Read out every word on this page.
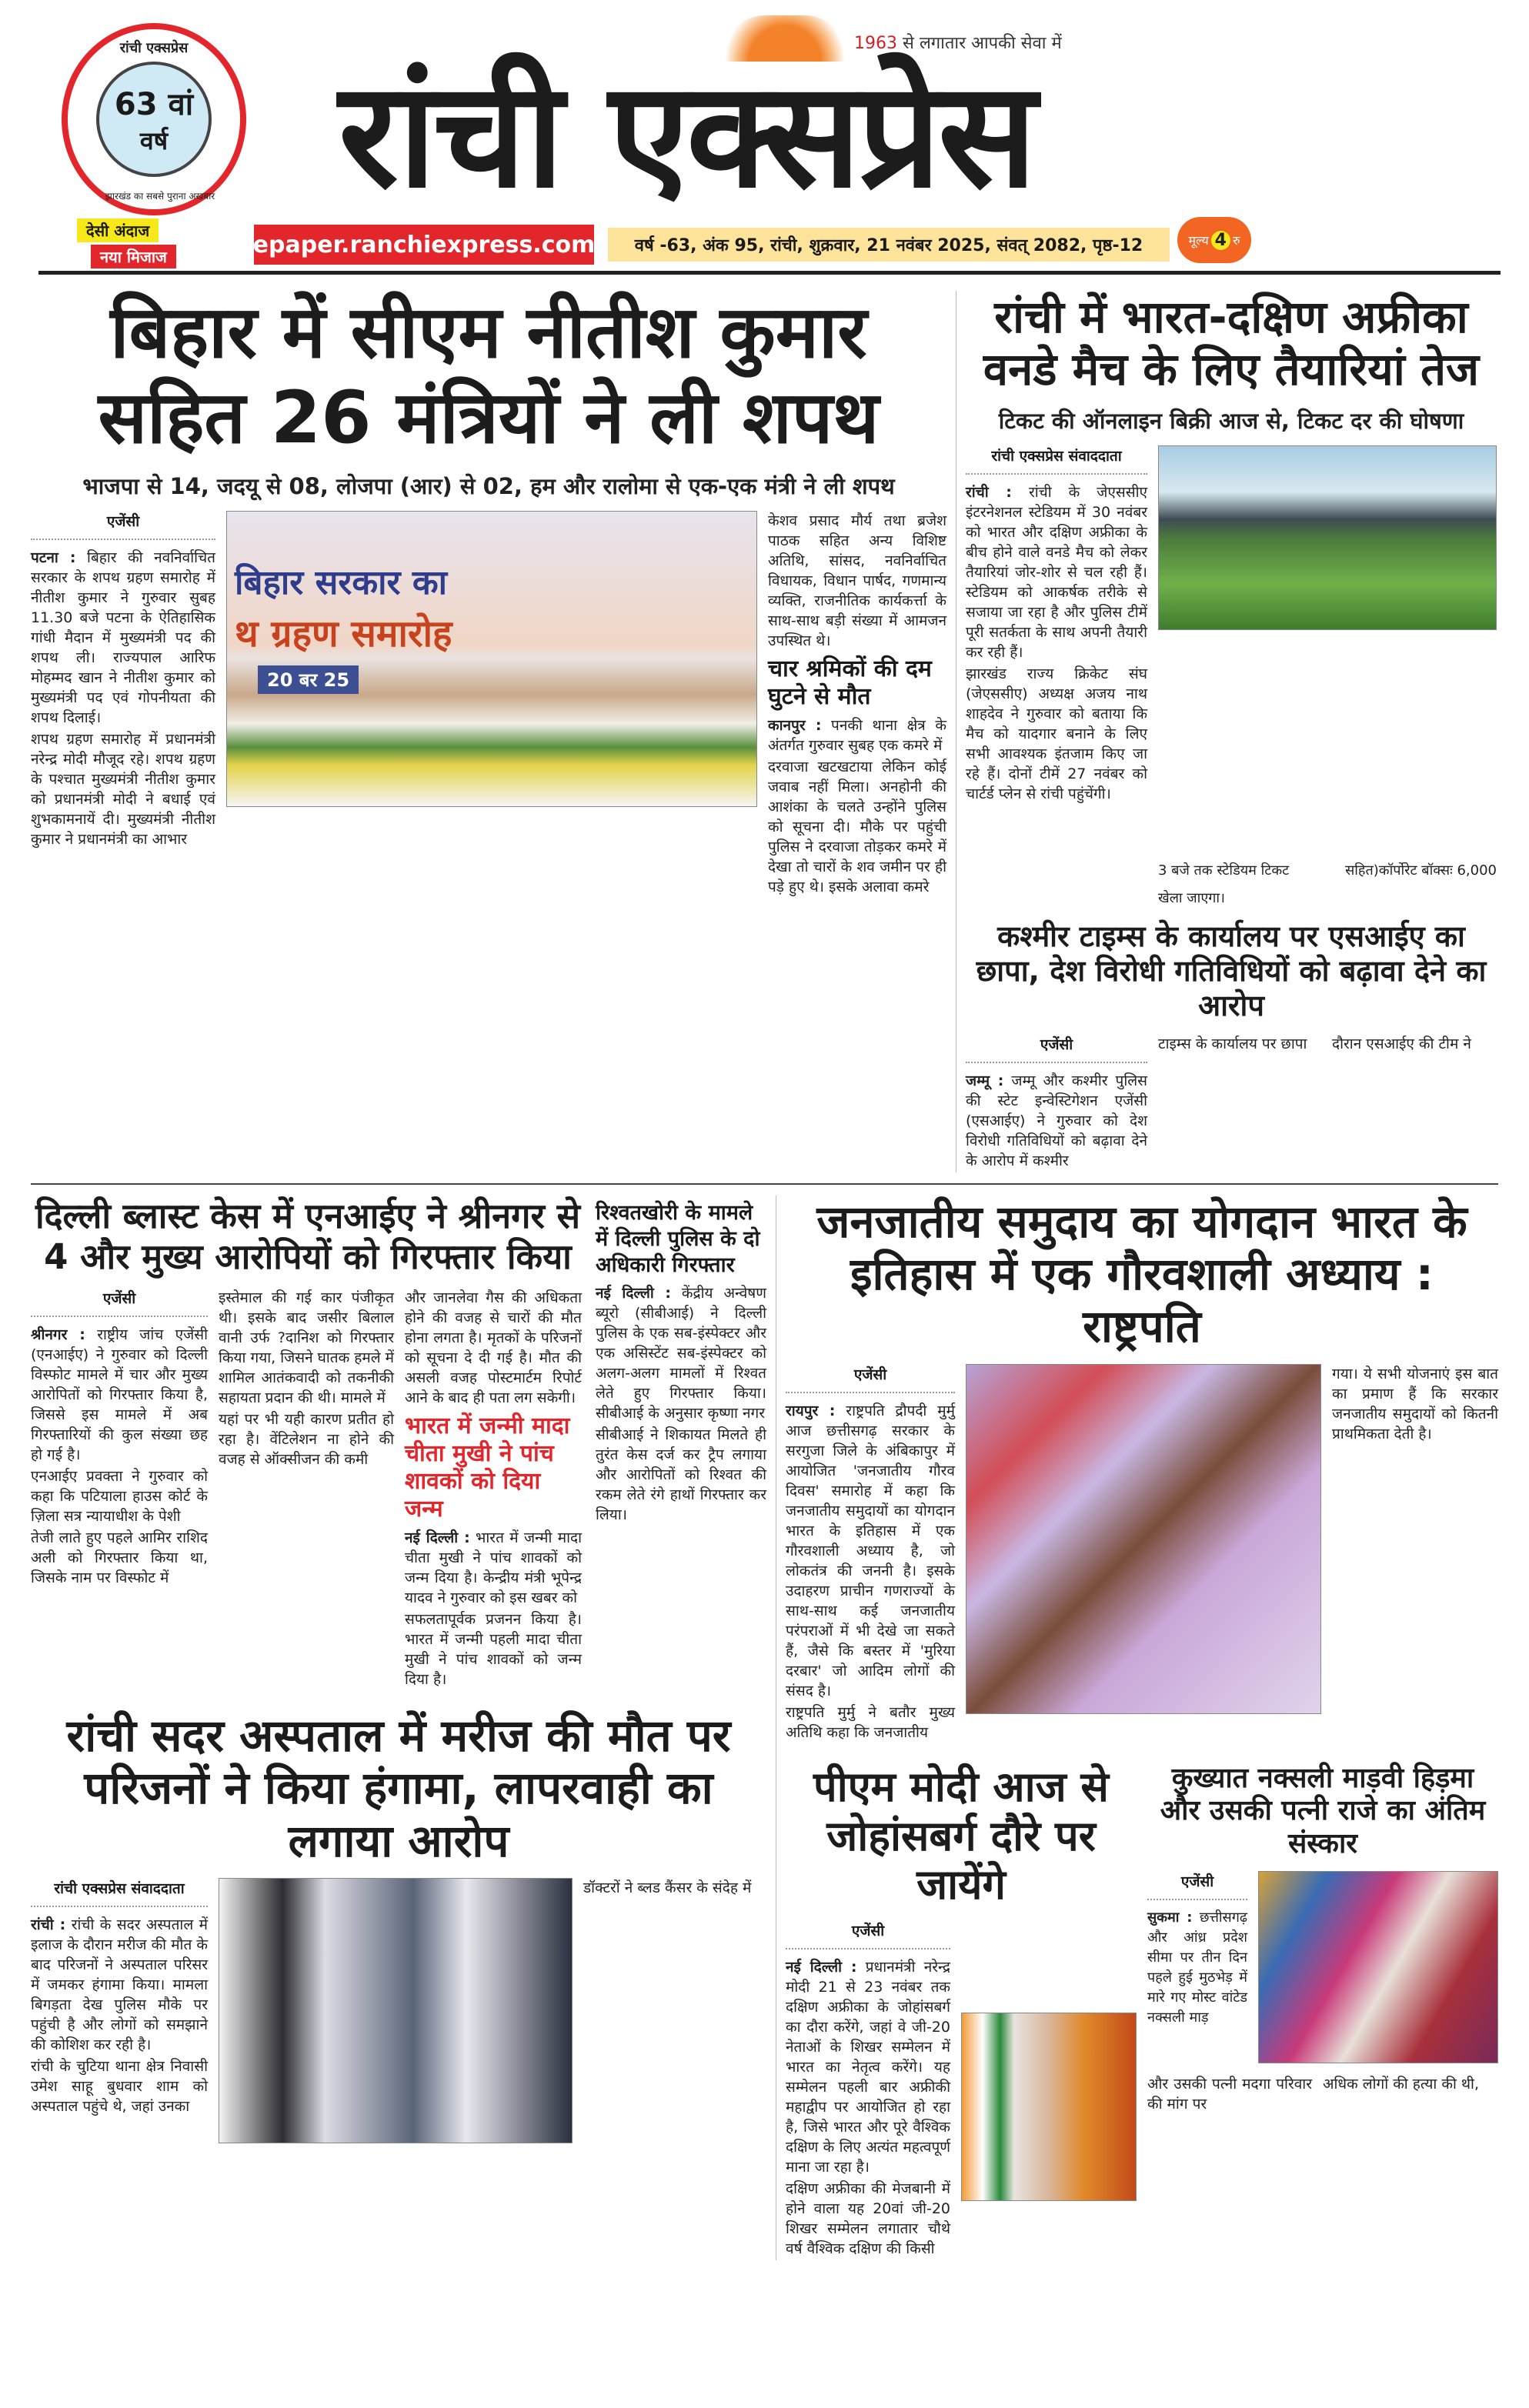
रांची एक्सप्रेस
63 वां
वर्ष
झारखंड का सबसे पुराना अखबार
1963 से लगातार आपकी सेवा में
रांची एक्सप्रेस
देसी अंदाज
नया मिजाज	epaper.ranchiexpress.com	वर्ष -63, अंक 95, रांची, शुक्रवार, 21 नवंबर 2025, संवत् 2082, पृष्ठ-12	मूल्य 4 रु
बिहार में सीएम नीतीश कुमार सहित 26 मंत्रियों ने ली शपथ
भाजपा से 14, जदयू से 08, लोजपा (आर) से 02, हम और रालोमा से एक-एक मंत्री ने ली शपथ
एजेंसी

पटना : बिहार की नवनिर्वाचित सरकार के शपथ ग्रहण समारोह में नीतीश कुमार ने गुरुवार सुबह 11.30 बजे पटना के ऐतिहासिक गांधी मैदान में मुख्यमंत्री पद की शपथ ली। राज्यपाल आरिफ मोहम्मद खान ने नीतीश कुमार को मुख्यमंत्री पद एवं गोपनीयता की शपथ दिलाई।

शपथ ग्रहण समारोह में प्रधानमंत्री नरेन्द्र मोदी मौजूद रहे। शपथ ग्रहण के पश्चात मुख्यमंत्री नीतीश कुमार को प्रधानमंत्री मोदी ने बधाई एवं शुभकामनायें दी। मुख्यमंत्री नीतीश कुमार ने प्रधानमंत्री का आभार

बिहार सरकार का
थ ग्रहण समारोह
20 बर 25

केशव प्रसाद मौर्य तथा ब्रजेश पाठक सहित अन्य विशिष्ट अतिथि, सांसद, नवनिर्वाचित विधायक, विधान पार्षद, गणमान्य व्यक्ति, राजनीतिक कार्यकर्त्ता के साथ-साथ बड़ी संख्या में आमजन उपस्थित थे।

चार श्रमिकों की दम घुटने से मौत

कानपुर : पनकी थाना क्षेत्र के अंतर्गत गुरुवार सुबह एक कमरे में

दरवाजा खटखटाया लेकिन कोई जवाब नहीं मिला। अनहोनी की आशंका के चलते उन्होंने पुलिस को सूचना दी। मौके पर पहुंची पुलिस ने दरवाजा तोड़कर कमरे में देखा तो चारों के शव जमीन पर ही पड़े हुए थे। इसके अलावा कमरे

रांची में भारत-दक्षिण अफ्रीका वनडे मैच के लिए तैयारियां तेज
टिकट की ऑनलाइन बिक्री आज से, टिकट दर की घोषणा
रांची एक्सप्रेस संवाददाता

रांची : रांची के जेएससीए इंटरनेशनल स्टेडियम में 30 नवंबर को भारत और दक्षिण अफ्रीका के बीच होने वाले वनडे मैच को लेकर तैयारियां जोर-शोर से चल रही हैं। स्टेडियम को आकर्षक तरीके से सजाया जा रहा है और पुलिस टीमें पूरी सतर्कता के साथ अपनी तैयारी कर रही हैं।

झारखंड राज्य क्रिकेट संघ (जेएससीए) अध्यक्ष अजय नाथ शाहदेव ने गुरुवार को बताया कि मैच को यादगार बनाने के लिए सभी आवश्यक इंतजाम किए जा रहे हैं। दोनों टीमें 27 नवंबर को चार्टर्ड प्लेन से रांची पहुंचेंगी।

3 बजे तक स्टेडियम टिकट	सहित)कॉर्पोरेट बॉक्सः 6,000
खेला जाएगा।
कश्मीर टाइम्स के कार्यालय पर एसआईए का छापा, देश विरोधी गतिविधियों को बढ़ावा देने का आरोप
एजेंसी

जम्मू : जम्मू और कश्मीर पुलिस की स्टेट इन्वेस्टिगेशन एजेंसी (एसआईए) ने गुरुवार को देश विरोधी गतिविधियों को बढ़ावा देने के आरोप में कश्मीर

टाइम्स के कार्यालय पर छापा	दौरान एसआईए की टीम ने
दिल्ली ब्लास्ट केस में एनआईए ने श्रीनगर से 4 और मुख्य आरोपियों को गिरफ्तार किया
एजेंसी

श्रीनगर : राष्ट्रीय जांच एजेंसी (एनआईए) ने गुरुवार को दिल्ली विस्फोट मामले में चार और मुख्य आरोपितों को गिरफ्तार किया है, जिससे इस मामले में अब गिरफ्तारियों की कुल संख्या छह हो गई है।

एनआईए प्रवक्ता ने गुरुवार को कहा कि पटियाला हाउस कोर्ट के ज़िला सत्र न्यायाधीश के पेशी

तेजी लाते हुए पहले आमिर राशिद अली को गिरफ्तार किया था, जिसके नाम पर विस्फोट में

इस्तेमाल की गई कार पंजीकृत थी। इसके बाद जसीर बिलाल वानी उर्फ ?दानिश को गिरफ्तार किया गया, जिसने घातक हमले में शामिल आतंकवादी को तकनीकी सहायता प्रदान की थी। मामले में

यहां पर भी यही कारण प्रतीत हो रहा है। वेंटिलेशन ना होने की वजह से ऑक्सीजन की कमी

और जानलेवा गैस की अधिकता होने की वजह से चारों की मौत होना लगता है। मृतकों के परिजनों को सूचना दे दी गई है। मौत की असली वजह पोस्टमार्टम रिपोर्ट आने के बाद ही पता लग सकेगी।
भारत में जन्मी मादा चीता मुखी ने पांच शावकों को दिया जन्म

नई दिल्ली : भारत में जन्मी मादा चीता मुखी ने पांच शावकों को जन्म दिया है। केन्द्रीय मंत्री भूपेन्द्र यादव ने गुरुवार को इस खबर को

सफलतापूर्वक प्रजनन किया है। भारत में जन्मी पहली मादा चीता मुखी ने पांच शावकों को जन्म दिया है।

रिश्वतखोरी के मामले में दिल्ली पुलिस के दो अधिकारी गिरफ्तार

नई दिल्ली : केंद्रीय अन्वेषण ब्यूरो (सीबीआई) ने दिल्ली पुलिस के एक सब-इंस्पेक्टर और एक असिस्टेंट सब-इंस्पेक्टर को अलग-अलग मामलों में रिश्वत लेते हुए गिरफ्तार किया। सीबीआई के अनुसार कृष्णा नगर

सीबीआई ने शिकायत मिलते ही तुरंत केस दर्ज कर ट्रैप लगाया और आरोपितों को रिश्वत की रकम लेते रंगे हाथों गिरफ्तार कर लिया।

रांची सदर अस्पताल में मरीज की मौत पर परिजनों ने किया हंगामा, लापरवाही का लगाया आरोप
रांची एक्सप्रेस संवाददाता

रांची : रांची के सदर अस्पताल में इलाज के दौरान मरीज की मौत के बाद परिजनों ने अस्पताल परिसर में जमकर हंगामा किया। मामला बिगड़ता देख पुलिस मौके पर पहुंची है और लोगों को समझाने की कोशिश कर रही है।

रांची के चुटिया थाना क्षेत्र निवासी उमेश साहू बुधवार शाम को अस्पताल पहुंचे थे, जहां उनका

डॉक्टरों ने ब्लड कैंसर के संदेह में
जनजातीय समुदाय का योगदान भारत के इतिहास में एक गौरवशाली अध्याय : राष्ट्रपति
एजेंसी

रायपुर : राष्ट्रपति द्रौपदी मुर्मु आज छत्तीसगढ़ सरकार के सरगुजा जिले के अंबिकापुर में आयोजित 'जनजातीय गौरव दिवस' समारोह में कहा कि जनजातीय समुदायों का योगदान भारत के इतिहास में एक गौरवशाली अध्याय है, जो लोकतंत्र की जननी है। इसके उदाहरण प्राचीन गणराज्यों के साथ-साथ कई जनजातीय परंपराओं में भी देखे जा सकते हैं, जैसे कि बस्तर में 'मुरिया दरबार' जो आदिम लोगों की संसद है।

राष्ट्रपति मुर्मु ने बतौर मुख्य अतिथि कहा कि जनजातीय

गया। ये सभी योजनाएं इस बात का प्रमाण हैं कि सरकार जनजातीय समुदायों को कितनी प्राथमिकता देती है।
पीएम मोदी आज से जोहांसबर्ग दौरे पर जायेंगे
एजेंसी

नई दिल्ली : प्रधानमंत्री नरेन्द्र मोदी 21 से 23 नवंबर तक दक्षिण अफ्रीका के जोहांसबर्ग का दौरा करेंगे, जहां वे जी-20 नेताओं के शिखर सम्मेलन में भारत का नेतृत्व करेंगे। यह सम्मेलन पहली बार अफ्रीकी महाद्वीप पर आयोजित हो रहा है, जिसे भारत और पूरे वैश्विक दक्षिण के लिए अत्यंत महत्वपूर्ण माना जा रहा है।

दक्षिण अफ्रीका की मेजबानी में होने वाला यह 20वां जी-20 शिखर सम्मेलन लगातार चौथे वर्ष वैश्विक दक्षिण की किसी

कुख्यात नक्सली माड़वी हिड़मा और उसकी पत्नी राजे का अंतिम संस्कार
एजेंसी

सुकमा : छत्तीसगढ़ और आंध्र प्रदेश सीमा पर तीन दिन पहले हुई मुठभेड़ में मारे गए मोस्ट वांटेड नक्सली माड़

और उसकी पत्नी मदगा परिवार की मांग पर
अधिक लोगों की हत्या की थी,
